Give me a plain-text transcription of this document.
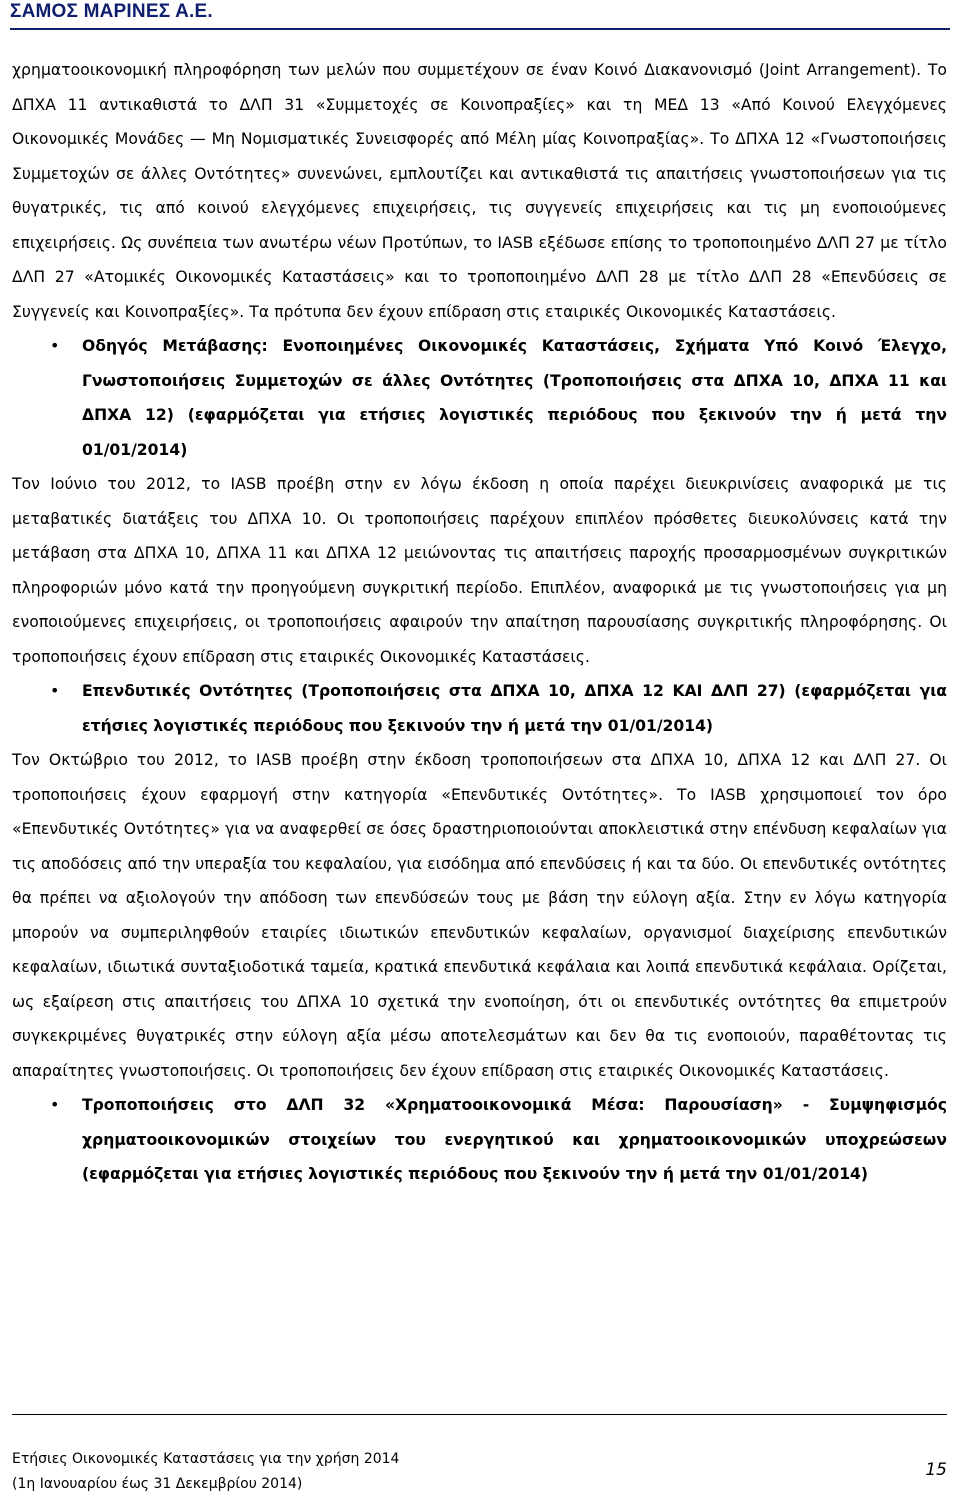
ΣΑΜΟΣ ΜΑΡΙΝΕΣ Α.Ε.

χρηματοοικονομική πληροφόρηση των μελών που συμμετέχουν σε έναν Κοινό Διακανονισμό (Joint Arrangement). Το ΔΠΧΑ 11 αντικαθιστά το ΔΛΠ 31 «Συμμετοχές σε Κοινοπραξίες» και τη ΜΕΔ 13 «Από Κοινού Ελεγχόμενες Οικονομικές Μονάδες — Μη Νομισματικές Συνεισφορές από Μέλη μίας Κοινοπραξίας». Το ΔΠΧΑ 12 «Γνωστοποιήσεις Συμμετοχών σε άλλες Οντότητες» συνενώνει, εμπλουτίζει και αντικαθιστά τις απαιτήσεις γνωστοποιήσεων για τις θυγατρικές, τις από κοινού ελεγχόμενες επιχειρήσεις, τις συγγενείς επιχειρήσεις και τις μη ενοποιούμενες επιχειρήσεις. Ως συνέπεια των ανωτέρω νέων Προτύπων, το IASB εξέδωσε επίσης το τροποποιημένο ΔΛΠ 27 με τίτλο ΔΛΠ 27 «Ατομικές Οικονομικές Καταστάσεις» και το τροποποιημένο ΔΛΠ 28 με τίτλο ΔΛΠ 28 «Επενδύσεις σε Συγγενείς και Κοινοπραξίες». Τα πρότυπα δεν έχουν επίδραση στις εταιρικές Οικονομικές Καταστάσεις.

•	Οδηγός Μετάβασης: Ενοποιημένες Οικονομικές Καταστάσεις, Σχήματα Υπό Κοινό Έλεγχο, Γνωστοποιήσεις Συμμετοχών σε άλλες Οντότητες (Τροποποιήσεις στα ΔΠΧΑ 10, ΔΠΧΑ 11 και ΔΠΧΑ 12) (εφαρμόζεται για ετήσιες λογιστικές περιόδους που ξεκινούν την ή μετά την 01/01/2014)

Τον Ιούνιο του 2012, το IASB προέβη στην εν λόγω έκδοση η οποία παρέχει διευκρινίσεις αναφορικά με τις μεταβατικές διατάξεις του ΔΠΧΑ 10. Οι τροποποιήσεις παρέχουν επιπλέον πρόσθετες διευκολύνσεις κατά την μετάβαση στα ΔΠΧΑ 10, ΔΠΧΑ 11 και ΔΠΧΑ 12 μειώνοντας τις απαιτήσεις παροχής προσαρμοσμένων συγκριτικών πληροφοριών μόνο κατά την προηγούμενη συγκριτική περίοδο. Επιπλέον, αναφορικά με τις γνωστοποιήσεις για μη ενοποιούμενες επιχειρήσεις, οι τροποποιήσεις αφαιρούν την απαίτηση παρουσίασης συγκριτικής πληροφόρησης. Οι τροποποιήσεις έχουν επίδραση στις εταιρικές Οικονομικές Καταστάσεις.

•	Επενδυτικές Οντότητες (Τροποποιήσεις στα ΔΠΧΑ 10, ΔΠΧΑ 12 ΚΑΙ ΔΛΠ 27) (εφαρμόζεται για ετήσιες λογιστικές περιόδους που ξεκινούν την ή μετά την 01/01/2014)

Τον Οκτώβριο του 2012, το IASB προέβη στην έκδοση τροποποιήσεων στα ΔΠΧΑ 10, ΔΠΧΑ 12 και ΔΛΠ 27. Οι τροποποιήσεις έχουν εφαρμογή στην κατηγορία «Επενδυτικές Οντότητες». Το IASB χρησιμοποιεί τον όρο «Επενδυτικές Οντότητες» για να αναφερθεί σε όσες δραστηριοποιούνται αποκλειστικά στην επένδυση κεφαλαίων για τις αποδόσεις από την υπεραξία του κεφαλαίου, για εισόδημα από επενδύσεις ή και τα δύο. Οι επενδυτικές οντότητες θα πρέπει να αξιολογούν την απόδοση των επενδύσεών τους με βάση την εύλογη αξία. Στην εν λόγω κατηγορία μπορούν να συμπεριληφθούν εταιρίες ιδιωτικών επενδυτικών κεφαλαίων, οργανισμοί διαχείρισης επενδυτικών κεφαλαίων, ιδιωτικά συνταξιοδοτικά ταμεία, κρατικά επενδυτικά κεφάλαια και λοιπά επενδυτικά κεφάλαια. Ορίζεται, ως εξαίρεση στις απαιτήσεις του ΔΠΧΑ 10 σχετικά την ενοποίηση, ότι οι επενδυτικές οντότητες θα επιμετρούν συγκεκριμένες θυγατρικές στην εύλογη αξία μέσω αποτελεσμάτων και δεν θα τις ενοποιούν, παραθέτοντας τις απαραίτητες γνωστοποιήσεις. Οι τροποποιήσεις δεν έχουν επίδραση στις εταιρικές Οικονομικές Καταστάσεις.

•	Τροποποιήσεις στο ΔΛΠ 32 «Χρηματοοικονομικά Μέσα: Παρουσίαση» - Συμψηφισμός χρηματοοικονομικών στοιχείων του ενεργητικού και χρηματοοικονομικών υποχρεώσεων (εφαρμόζεται για ετήσιες λογιστικές περιόδους που ξεκινούν την ή μετά την 01/01/2014)
Ετήσιες Οικονομικές Καταστάσεις για την χρήση 2014
(1η Ιανουαρίου έως 31 Δεκεμβρίου 2014)
15
